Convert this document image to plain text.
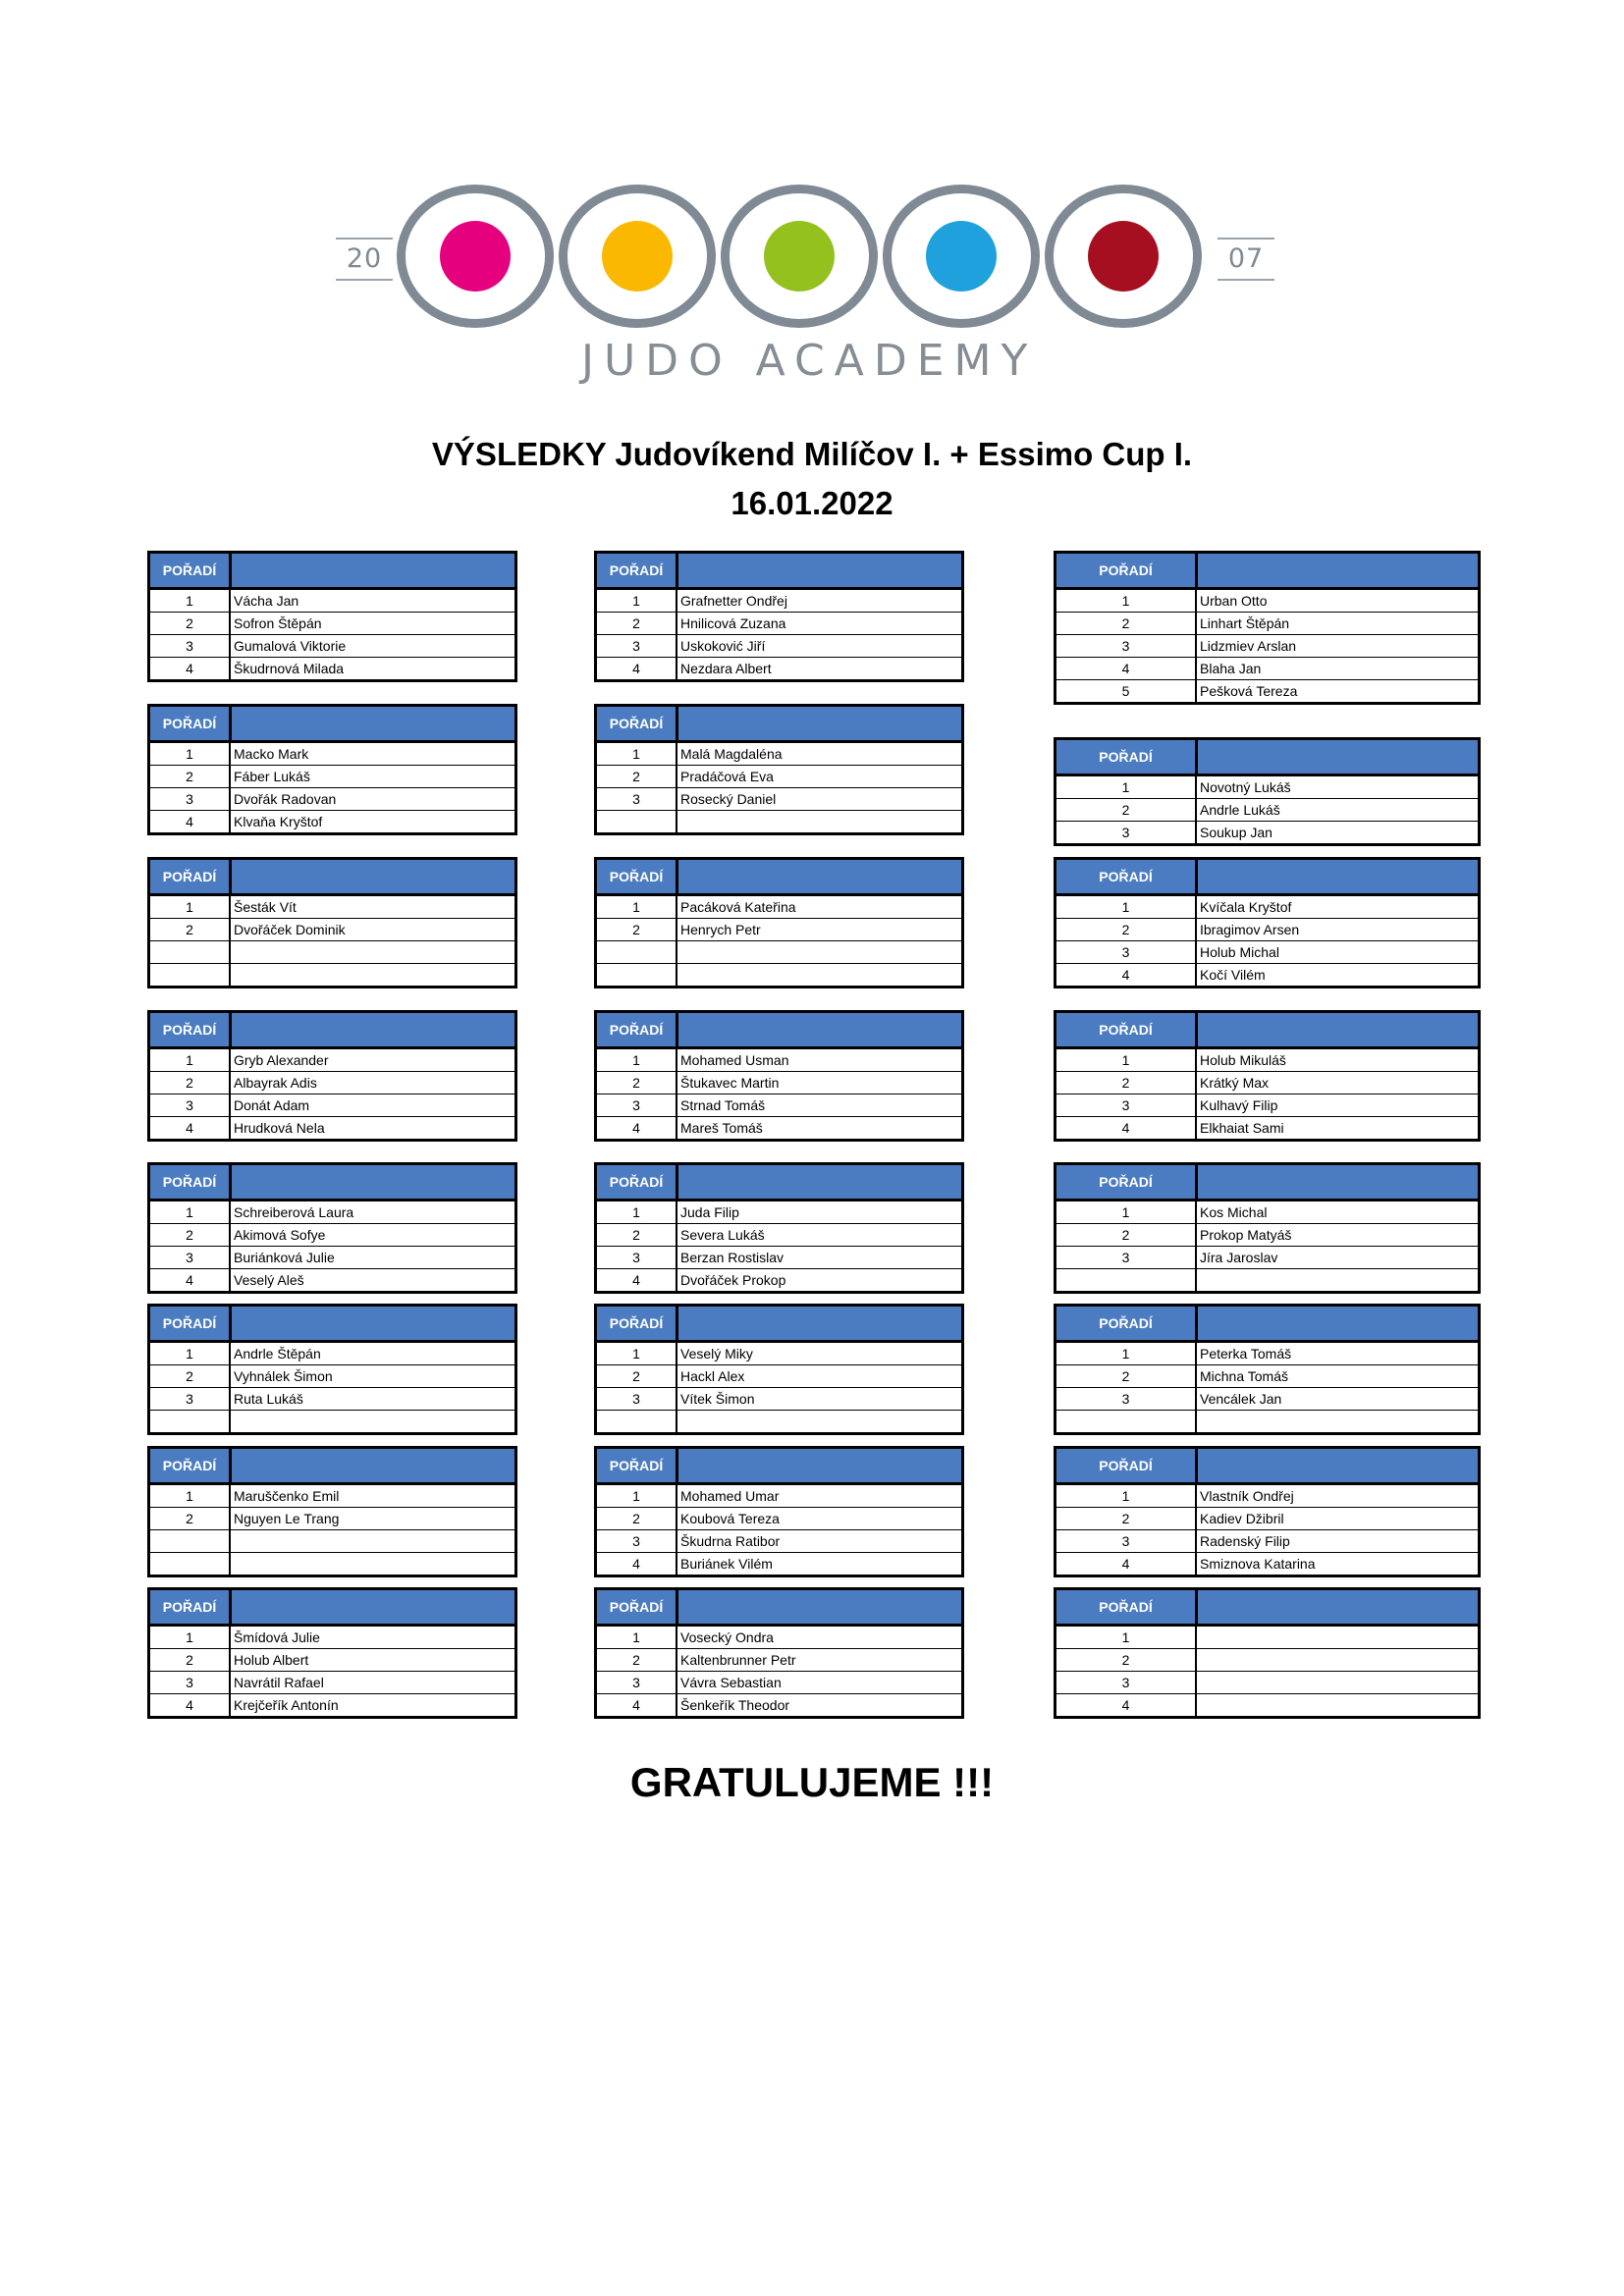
20	07
JUDO ACADEMY
VÝSLEDKY Judovíkend Milíčov I. + Essimo Cup I.
16.01.2022
POŘADÍ
1	Vácha Jan
2	Sofron Štěpán
3	Gumalová Viktorie
4	Škudrnová Milada
POŘADÍ
1	Macko Mark
2	Fáber Lukáš
3	Dvořák Radovan
4	Klvaňa Kryštof
POŘADÍ
1	Šesták Vít
2	Dvořáček Dominik
POŘADÍ
1	Gryb Alexander
2	Albayrak Adis
3	Donát Adam
4	Hrudková Nela
POŘADÍ
1	Schreiberová Laura
2	Akimová Sofye
3	Buriánková Julie
4	Veselý Aleš
POŘADÍ
1	Andrle Štěpán
2	Vyhnálek Šimon
3	Ruta Lukáš
POŘADÍ
1	Maruščenko Emil
2	Nguyen Le Trang
POŘADÍ
1	Šmídová Julie
2	Holub Albert
3	Navrátil Rafael
4	Krejčeřík Antonín
POŘADÍ
1	Grafnetter Ondřej
2	Hnilicová Zuzana
3	Uskoković Jiří
4	Nezdara Albert
POŘADÍ
1	Malá Magdaléna
2	Pradáčová Eva
3	Rosecký Daniel
POŘADÍ
1	Pacáková Kateřina
2	Henrych Petr
POŘADÍ
1	Mohamed Usman
2	Štukavec Martin
3	Strnad Tomáš
4	Mareš Tomáš
POŘADÍ
1	Juda Filip
2	Severa Lukáš
3	Berzan Rostislav
4	Dvořáček Prokop
POŘADÍ
1	Veselý Miky
2	Hackl Alex
3	Vítek Šimon
POŘADÍ
1	Mohamed Umar
2	Koubová Tereza
3	Škudrna Ratibor
4	Buriánek Vilém
POŘADÍ
1	Vosecký Ondra
2	Kaltenbrunner Petr
3	Vávra Sebastian
4	Šenkeřík Theodor
POŘADÍ
1	Urban Otto
2	Linhart Štěpán
3	Lidzmiev Arslan
4	Blaha Jan
5	Pešková Tereza
POŘADÍ
1	Novotný Lukáš
2	Andrle Lukáš
3	Soukup Jan
POŘADÍ
1	Kvíčala Kryštof
2	Ibragimov Arsen
3	Holub Michal
4	Kočí Vilém
POŘADÍ
1	Holub Mikuláš
2	Krátký Max
3	Kulhavý Filip
4	Elkhaiat Sami
POŘADÍ
1	Kos Michal
2	Prokop Matyáš
3	Jíra Jaroslav
POŘADÍ
1	Peterka Tomáš
2	Michna Tomáš
3	Vencálek Jan
POŘADÍ
1	Vlastník Ondřej
2	Kadiev Džibril
3	Radenský Filip
4	Smiznova Katarina
POŘADÍ
1
2
3
4
GRATULUJEME !!!
